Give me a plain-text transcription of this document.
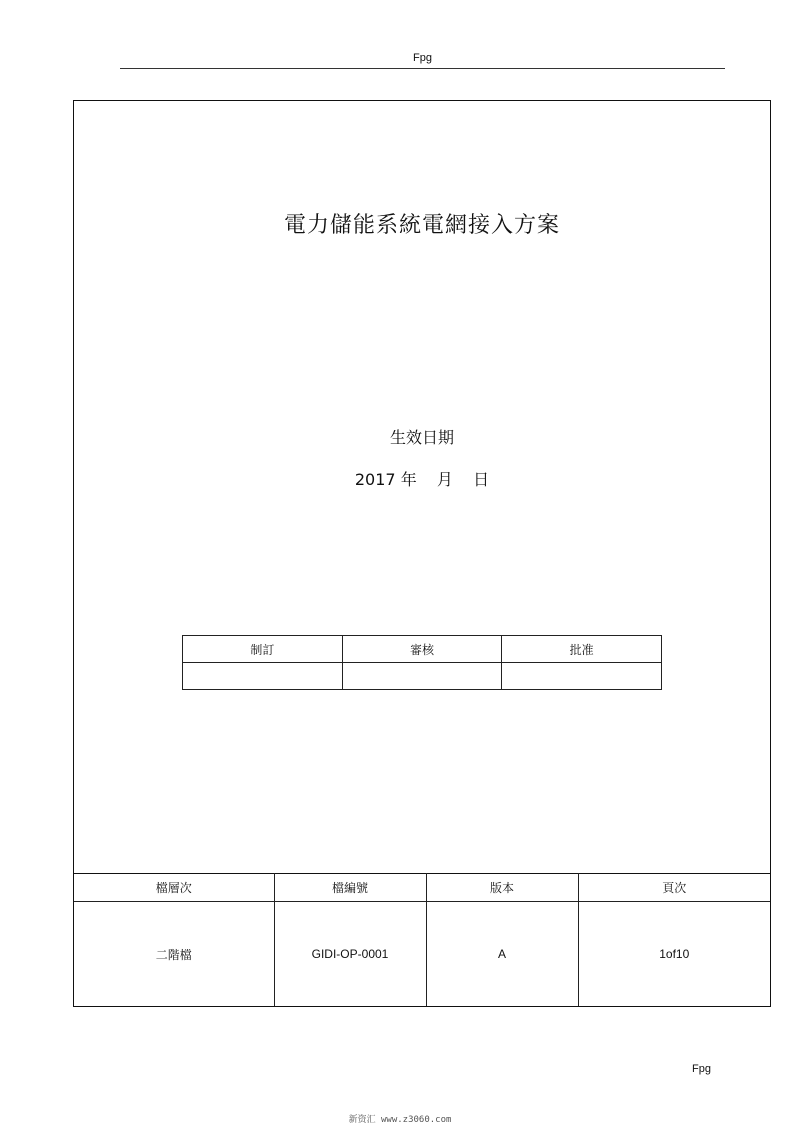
Fpg
電力儲能系統電網接入方案
生效日期
2017 年 月 日
制訂	審核	批准

檔層次	檔編號	版本	頁次
二階檔	GIDI-OP-0001	A	1of10
Fpg
新资汇 www.z3060.com
